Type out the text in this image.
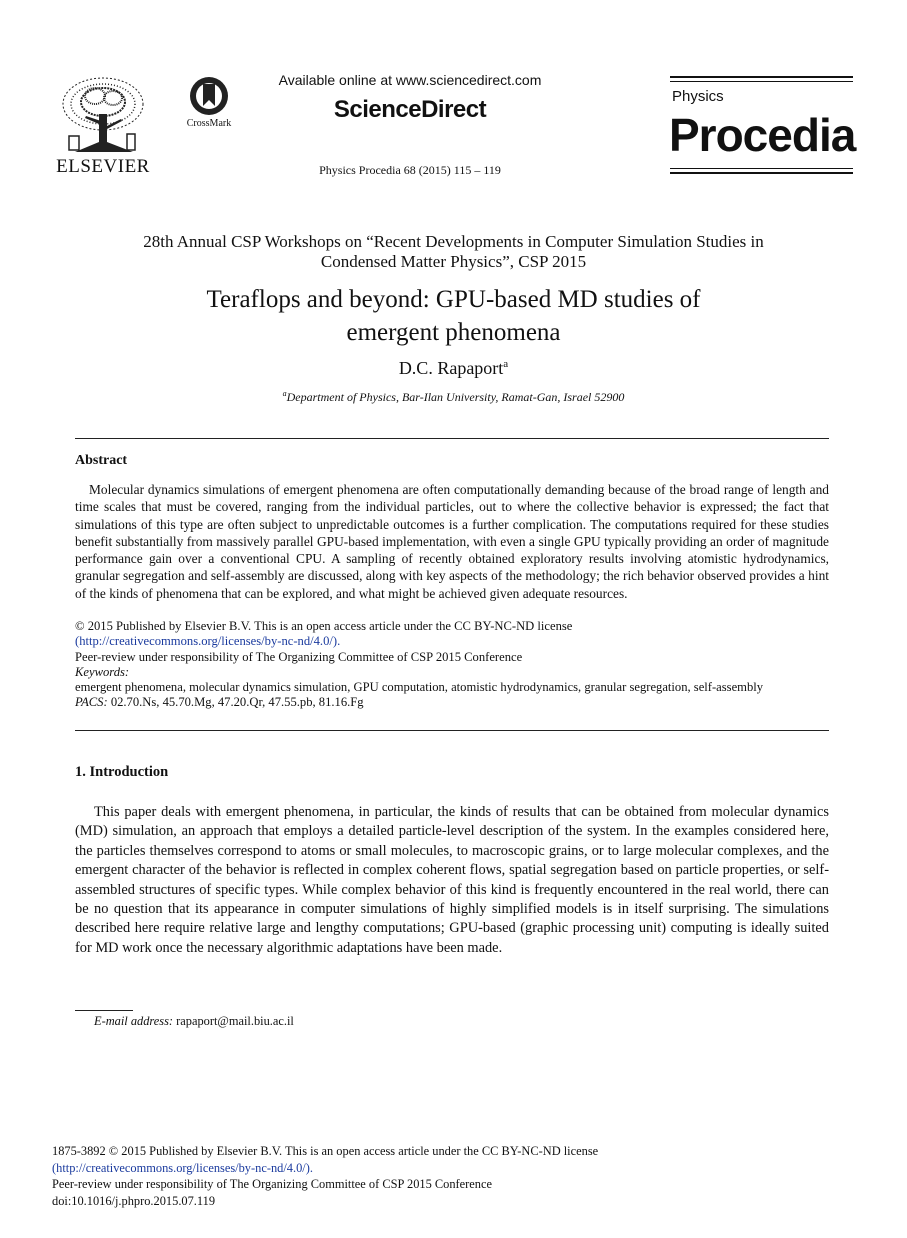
ELSEVIER
CrossMark
Available online at www.sciencedirect.com
ScienceDirect
Physics Procedia 68 (2015) 115 – 119
Physics
Procedia
28th Annual CSP Workshops on “Recent Developments in Computer Simulation Studies in
Condensed Matter Physics”, CSP 2015
Teraflops and beyond: GPU-based MD studies of
emergent phenomena
D.C. Rapaport$^a$
$^a$Department of Physics, Bar-Ilan University, Ramat-Gan, Israel 52900
Abstract
Molecular dynamics simulations of emergent phenomena are often computationally demanding because of the broad range of length and time scales that must be covered, ranging from the individual particles, out to where the collective behavior is expressed; the fact that simulations of this type are often subject to unpredictable outcomes is a further complication. The computations required for these studies benefit substantially from massively parallel GPU-based implementation, with even a single GPU typically providing an order of magnitude performance gain over a conventional CPU. A sampling of recently obtained exploratory results involving atomistic hydrodynamics, granular segregation and self-assembly are discussed, along with key aspects of the methodology; the rich behavior observed provides a hint of the kinds of phenomena that can be explored, and what might be achieved given adequate resources.
© 2015 Published by Elsevier B.V. This is an open access article under the CC BY-NC-ND license
(http://creativecommons.org/licenses/by-nc-nd/4.0/).
Peer-review under responsibility of The Organizing Committee of CSP 2015 Conference
Keywords:
emergent phenomena, molecular dynamics simulation, GPU computation, atomistic hydrodynamics, granular segregation, self-assembly
PACS: 02.70.Ns, 45.70.Mg, 47.20.Qr, 47.55.pb, 81.16.Fg
1. Introduction
This paper deals with emergent phenomena, in particular, the kinds of results that can be obtained from molecular dynamics (MD) simulation, an approach that employs a detailed particle-level description of the system. In the examples considered here, the particles themselves correspond to atoms or small molecules, to macroscopic grains, or to large molecular complexes, and the emergent character of the behavior is reflected in complex coherent flows, spatial segregation based on particle properties, or self-assembled structures of specific types. While complex behavior of this kind is frequently encountered in the real world, there can be no question that its appearance in computer simulations of highly simplified models is in itself surprising. The simulations described here require relative large and lengthy computations; GPU-based (graphic processing unit) computing is ideally suited for MD work once the necessary algorithmic adaptations have been made.
E-mail address: rapaport@mail.biu.ac.il
1875-3892 © 2015 Published by Elsevier B.V. This is an open access article under the CC BY-NC-ND license
(http://creativecommons.org/licenses/by-nc-nd/4.0/).
Peer-review under responsibility of The Organizing Committee of CSP 2015 Conference
doi:10.1016/j.phpro.2015.07.119
